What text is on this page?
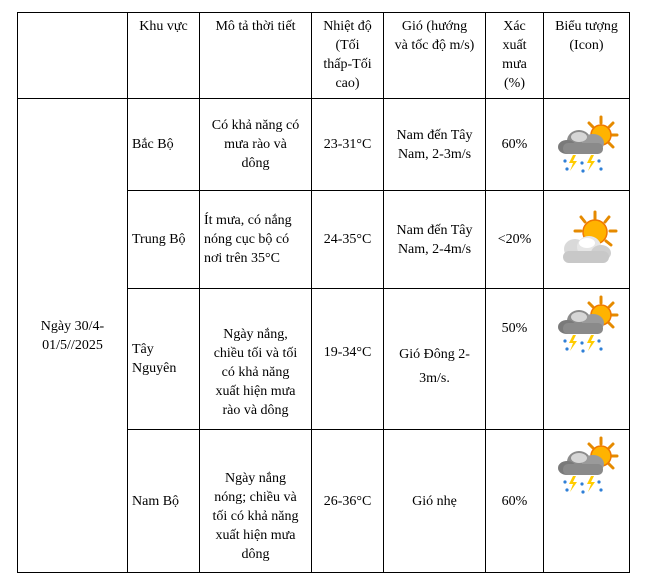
	Khu vực	Mô tả thời tiết	Nhiệt độ
(Tối
thấp-Tối
cao)	Gió (hướng
và tốc độ m/s)	Xác
xuất
mưa
(%)	Biểu tượng
(Icon)

Ngày 30/4-
01/5//2025	Bắc Bộ	Có khả năng có
mưa rào và
dông	23-31°C	Nam đến Tây
Nam, 2-3m/s	60%	

	Trung Bộ	Ít mưa, có nắng
nóng cục bộ có
nơi trên 35°C	24-35°C	Nam đến Tây
Nam, 2-4m/s	<20%	

	Tây
Nguyên	Ngày nắng,
chiều tối và tối
có khả năng
xuất hiện mưa
rào và dông	19-34°C	Gió Đông 2-
3m/s.	50%	

	Nam Bộ	Ngày nắng
nóng; chiều và
tối có khả năng
xuất hiện mưa
dông	26-36°C	Gió nhẹ	60%	
